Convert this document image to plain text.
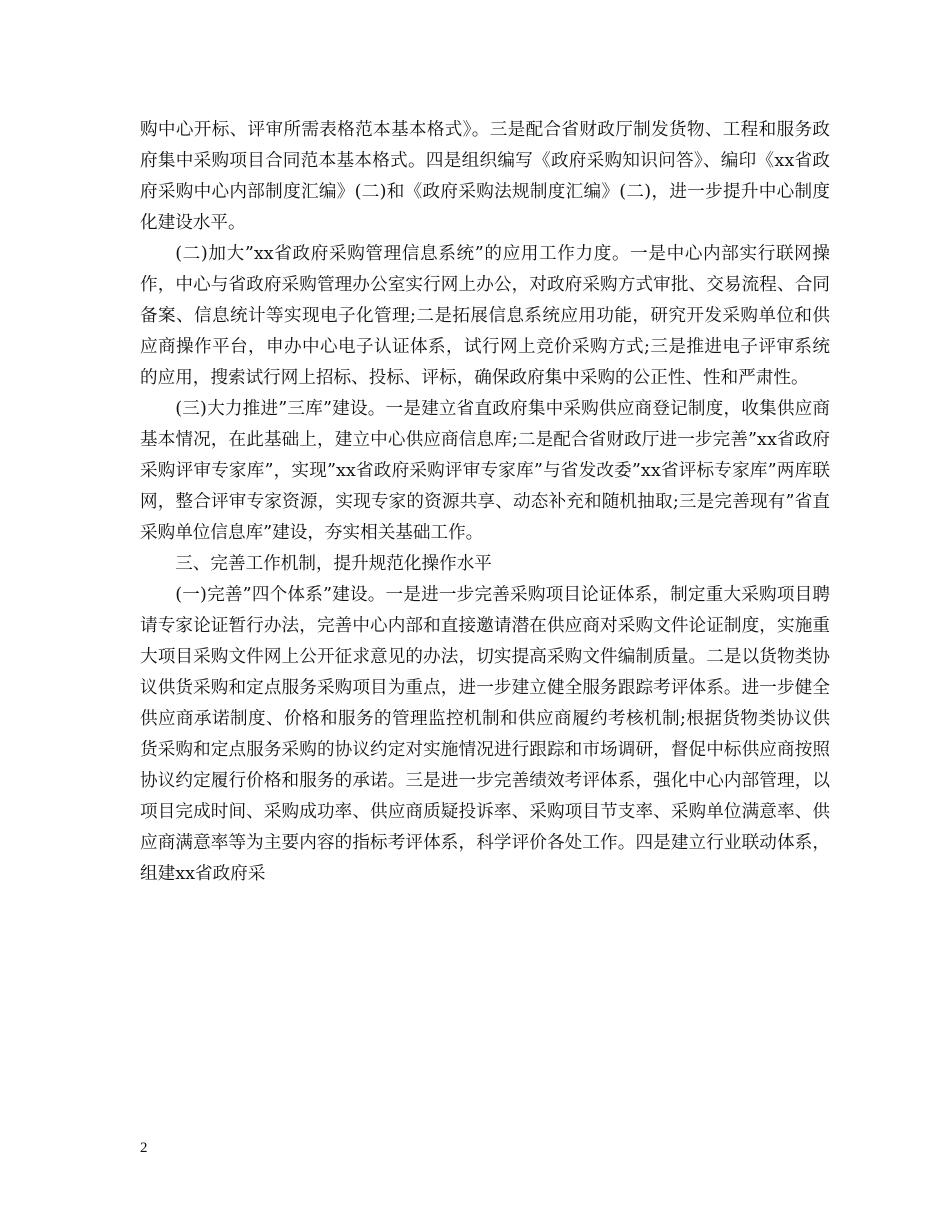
购中心开标、评审所需表格范本基本格式》。三是配合省财政厅制发货物、工程和服务政府集中采购项目合同范本基本格式。四是组织编写《政府采购知识问答》、编印《xx省政府采购中心内部制度汇编》(二)和《政府采购法规制度汇编》(二)，进一步提升中心制度化建设水平。

(二)加大”xx省政府采购管理信息系统”的应用工作力度。一是中心内部实行联网操作，中心与省政府采购管理办公室实行网上办公，对政府采购方式审批、交易流程、合同备案、信息统计等实现电子化管理;二是拓展信息系统应用功能，研究开发采购单位和供应商操作平台，申办中心电子认证体系，试行网上竞价采购方式;三是推进电子评审系统的应用，搜索试行网上招标、投标、评标，确保政府集中采购的公正性、性和严肃性。

(三)大力推进”三库”建设。一是建立省直政府集中采购供应商登记制度，收集供应商基本情况，在此基础上，建立中心供应商信息库;二是配合省财政厅进一步完善”xx省政府采购评审专家库”，实现”xx省政府采购评审专家库”与省发改委”xx省评标专家库”两库联网，整合评审专家资源，实现专家的资源共享、动态补充和随机抽取;三是完善现有”省直采购单位信息库”建设，夯实相关基础工作。

三、完善工作机制，提升规范化操作水平

(一)完善”四个体系”建设。一是进一步完善采购项目论证体系，制定重大采购项目聘请专家论证暂行办法，完善中心内部和直接邀请潜在供应商对采购文件论证制度，实施重大项目采购文件网上公开征求意见的办法，切实提高采购文件编制质量。二是以货物类协议供货采购和定点服务采购项目为重点，进一步建立健全服务跟踪考评体系。进一步健全供应商承诺制度、价格和服务的管理监控机制和供应商履约考核机制;根据货物类协议供货采购和定点服务采购的协议约定对实施情况进行跟踪和市场调研，督促中标供应商按照协议约定履行价格和服务的承诺。三是进一步完善绩效考评体系，强化中心内部管理，以项目完成时间、采购成功率、供应商质疑投诉率、采购项目节支率、采购单位满意率、供应商满意率等为主要内容的指标考评体系，科学评价各处工作。四是建立行业联动体系，组建xx省政府采

2
